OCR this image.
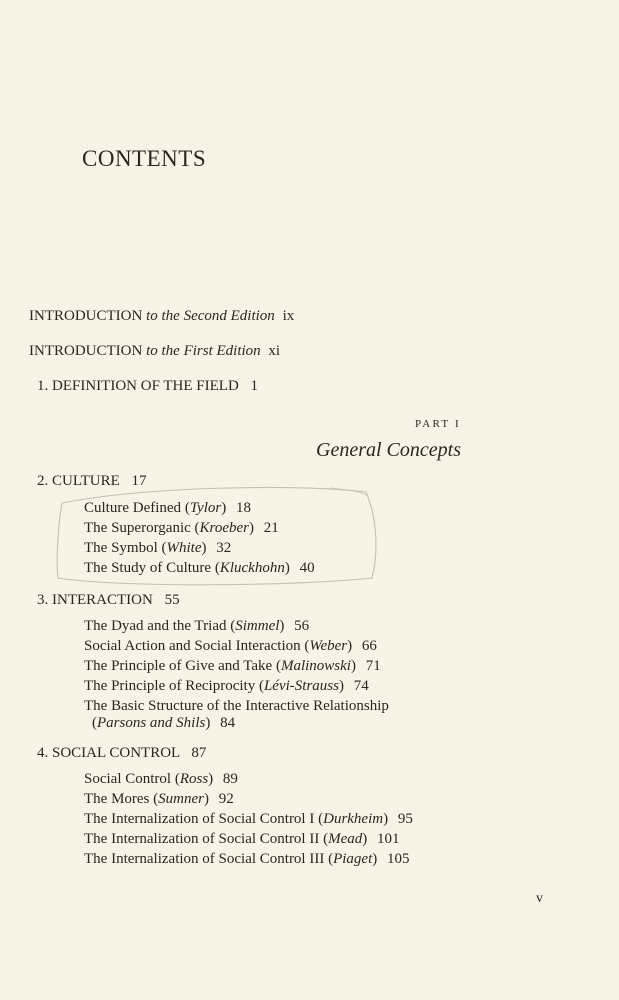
CONTENTS
INTRODUCTION to the Second Edition ix
INTRODUCTION to the First Edition xi
1. DEFINITION OF THE FIELD 1
PART I
General Concepts
2. CULTURE 17
Culture Defined (Tylor) 18
The Superorganic (Kroeber) 21
The Symbol (White) 32
The Study of Culture (Kluckhohn) 40
3. INTERACTION 55
The Dyad and the Triad (Simmel) 56
Social Action and Social Interaction (Weber) 66
The Principle of Give and Take (Malinowski) 71
The Principle of Reciprocity (Lévi-Strauss) 74
The Basic Structure of the Interactive Relationship
(Parsons and Shils) 84
4. SOCIAL CONTROL 87
Social Control (Ross) 89
The Mores (Sumner) 92
The Internalization of Social Control I (Durkheim) 95
The Internalization of Social Control II (Mead) 101
The Internalization of Social Control III (Piaget) 105
v
